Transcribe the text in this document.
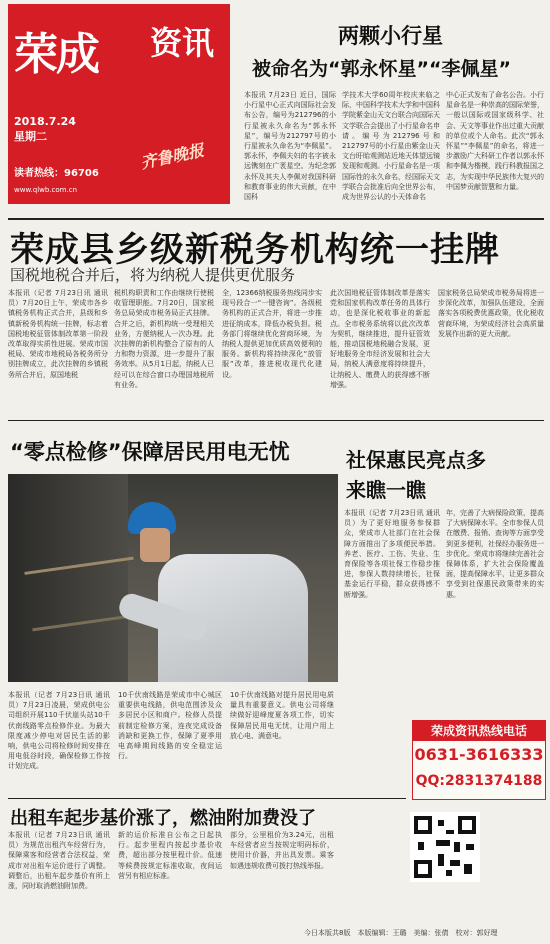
荣成 资讯
2018.7.24
星期二
齐鲁晚报
读者热线：96706
www.qlwb.com.cn
两颗小行星
被命名为“郭永怀星”“李佩星”
本报讯 7月23日 近日，国际小行星中心正式向国际社会发布公告，编号为212796的小行星被永久命名为“郭永怀星”，编号为212797号的小行星被永久命名为“李佩星”。郭永怀，李佩夫妇的名字被永远镌刻在广袤星空。为纪念郭永怀及其夫人李佩对我国科研和教育事业的伟大贡献，在中国科
学技术大学60周年校庆来临之际，中国科学技术大学和中国科学院紫金山天文台联合向国际天文学联合会提出了小行星命名申请。编号为212796号和212797号的小行星由紫金山天文台盱眙观测站近地天体望远镜发现和观测。小行星命名是一项国际性的永久命名，经国际天文学联合会批准后向全世界公布，成为世界公认的小天体命名
中心正式发布了命名公告。小行星命名是一种崇高的国际荣誉，一般以国际或国家级科学、社会、天文等事业作出过重大贡献的单位或个人命名。此次“郭永怀星”“李佩星”的命名，将进一步激励广大科研工作者以郭永怀和李佩为楷模，践行科教报国之志，为实现中华民族伟大复兴的中国梦贡献智慧和力量。
荣成县乡级新税务机构统一挂牌
国税地税合并后，将为纳税人提供更优服务
本报讯（记者 7月23日讯 通讯员）7月20日上午，荣成市各乡镇税务机构正式合并，县级和乡镇新税务机构统一挂牌，标志着国税地税征管体制改革第一阶段改革取得实质性进展。荣成市国税局、荣成市地税局各税务所分别挂牌成立，此次挂牌的乡镇税务所合并后，原国地税
税机构职责和工作由继续行使税收管理职能。7月20日，国家税务总局荣成市税务局正式挂牌。合并之后，新机构统一受理相关业务，方便纳税人一次办理。此次挂牌的新机构整合了原有的人力和物力资源，进一步提升了服务效率。从5月1日起，纳税人已经可以在综合窗口办理国地税所有业务。
全，12366纳税服务热线同步实现号段合一“一键咨询”。各级税务机构的正式合并，将进一步推进征纳成本，降低办税负担。税务部门将继续优化营商环境，为纳税人提供更加优质高效便利的服务。新机构将持续深化“放管服”改革，推进税收现代化建设。
此次国地税征管体制改革是落实党和国家机构改革任务的具体行动，也是深化税收事业的新起点。全市税务系统将以此次改革为契机，继续推进，提升征管效能，推动国税地税融合发展，更好地服务全市经济发展和社会大局，纳税人满意度将持续提升，让纳税人、缴费人的获得感不断增强。
国家税务总局荣成市税务局将进一步深化改革，加强队伍建设，全面落实各项税费优惠政策，优化税收营商环境，为荣成经济社会高质量发展作出新的更大贡献。
“零点检修”保障居民用电无忧
本报讯（记者 7月23日讯 通讯员）7月23日凌晨，荣成供电公司组织开展110千伏崖头站10千伏南线路零点检修作业。为最大限度减少停电对居民生活的影响，供电公司将检修时间安排在用电低谷时段，确保检修工作按计划完成。
10千伏南线路是荣成市中心城区重要供电线路，供电范围涉及众多居民小区和商户。检修人员提前制定检修方案，连夜完成设备消缺和更换工作，保障了夏季用电高峰期间线路的安全稳定运行。
10千伏南线路对提升居民用电质量具有重要意义。供电公司将继续做好迎峰度夏各项工作，切实保障居民用电无忧，让用户用上放心电、满意电。
社保惠民亮点多
来瞧一瞧
本报讯（记者 7月23日讯 通讯员）为了更好地服务参保群众，荣成市人社部门在社会保障方面推出了多项便民举措。养老、医疗、工伤、失业、生育保险等各项社保工作稳步推进，参保人数持续增长，社保基金运行平稳，群众获得感不断增强。
年，完善了大病保险政策，提高了大病保障水平。全市参保人员在缴费、报销、查询等方面享受到更多便利，社保经办服务进一步优化。荣成市将继续完善社会保障体系，扩大社会保险覆盖面，提高保障水平，让更多群众享受到社保惠民政策带来的实惠。
荣成资讯热线电话
0631-3616333
QQ:2831374188
出租车起步基价涨了，燃油附加费没了
本报讯（记者 7月23日讯 通讯员）为规范出租汽车经营行为，保障乘客和经营者合法权益，荣成市对出租车运价进行了调整。调整后，出租车起步基价有所上涨，同时取消燃油附加费。
新的运价标准自公布之日起执行。起步里程内按起步基价收费，超出部分按里程计价。低速等候费按规定标准收取，夜间运营另有相应标准。
部分，公里租价为3.24元，出租车经营者应当按规定明码标价，使用计价器，并出具发票。乘客如遇违规收费可拨打热线举报。
今日本版共8版　本版编辑：王璐　美编：张倩　校对：郭好理
